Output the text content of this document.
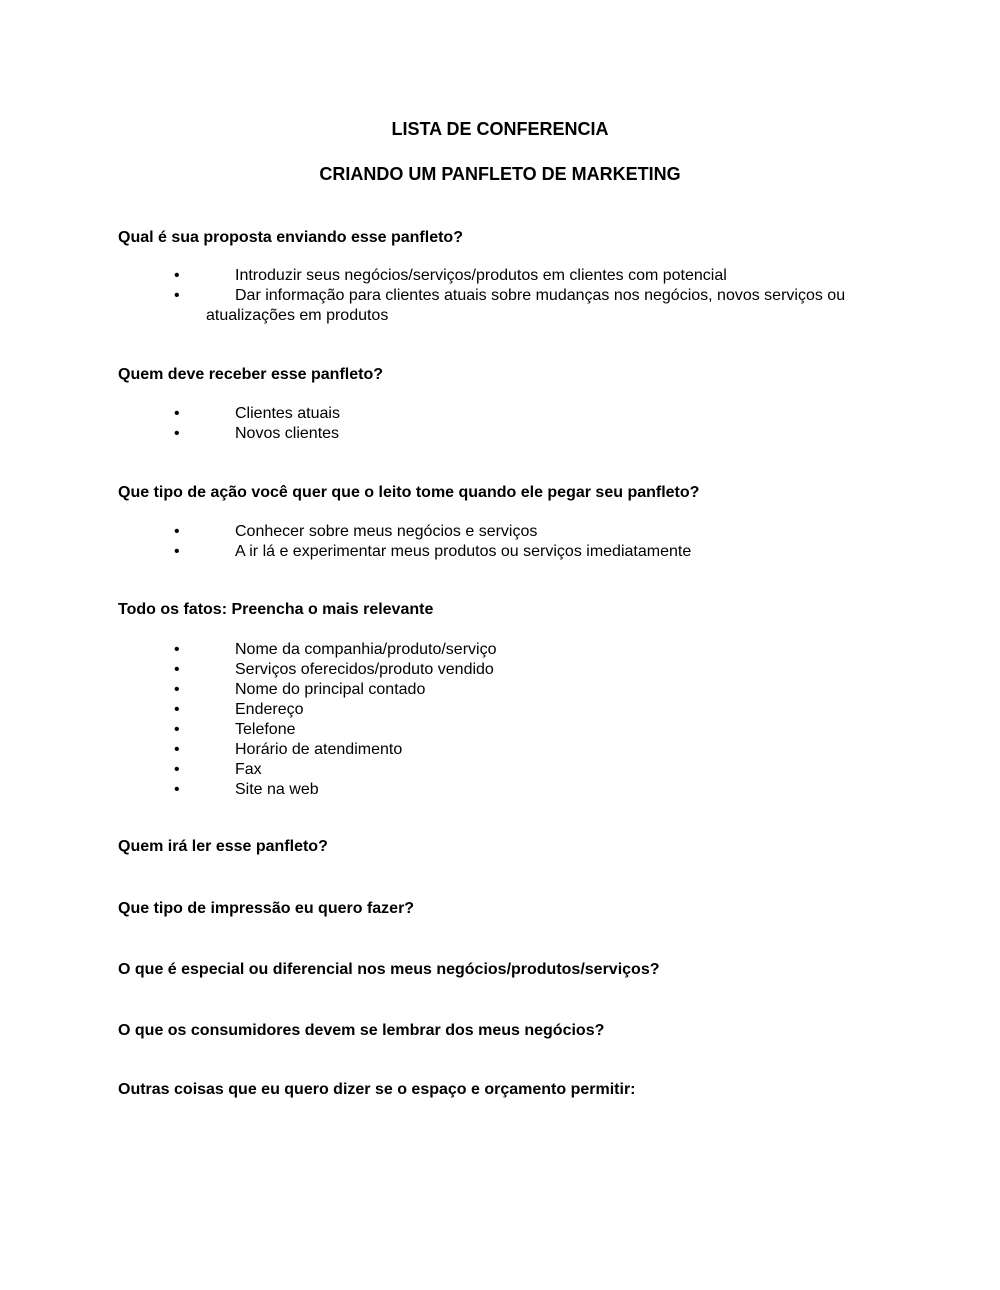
LISTA DE CONFERENCIA
CRIANDO UM PANFLETO DE MARKETING
Qual é sua proposta enviando esse panfleto?
•	Introduzir seus negócios/serviços/produtos em clientes com potencial
•	Dar informação para clientes atuais sobre mudanças nos negócios, novos serviços ou
atualizações em produtos
Quem deve receber esse panfleto?
•	Clientes atuais
•	Novos clientes
Que tipo de ação você quer que o leito tome quando ele pegar seu panfleto?
•	Conhecer sobre meus negócios e serviços
•	A ir lá e experimentar meus produtos ou serviços imediatamente
Todo os fatos: Preencha o mais relevante
•	Nome da companhia/produto/serviço
•	Serviços oferecidos/produto vendido
•	Nome do principal contado
•	Endereço
•	Telefone
•	Horário de atendimento
•	Fax
•	Site na web
Quem irá ler esse panfleto?
Que tipo de impressão eu quero fazer?
O que é especial ou diferencial nos meus negócios/produtos/serviços?
O que os consumidores devem se lembrar dos meus negócios?
Outras coisas que eu quero dizer se o espaço e orçamento permitir:
